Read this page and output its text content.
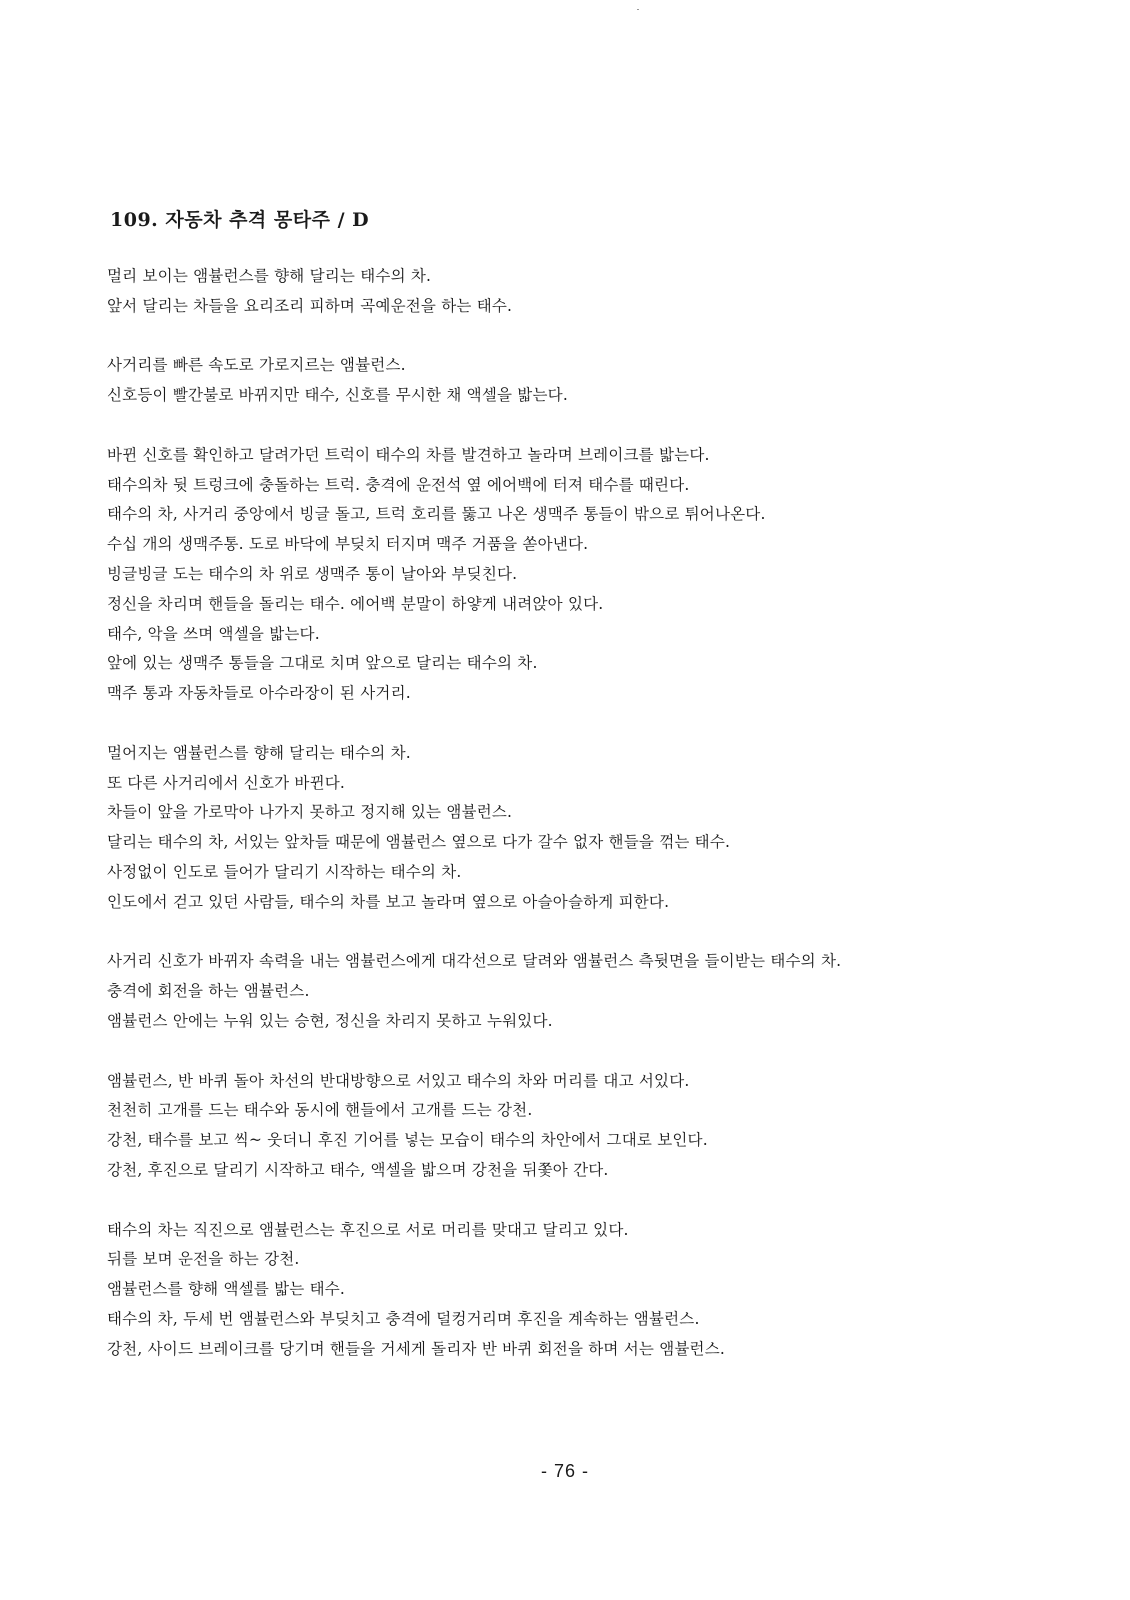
109. 자동차 추격 몽타주 / D

멀리 보이는 앰뷸런스를 향해 달리는 태수의 차.
앞서 달리는 차들을 요리조리 피하며 곡예운전을 하는 태수.

사거리를 빠른 속도로 가로지르는 앰뷸런스.
신호등이 빨간불로 바뀌지만 태수, 신호를 무시한 채 액셀을 밟는다.

바뀐 신호를 확인하고 달려가던 트럭이 태수의 차를 발견하고 놀라며 브레이크를 밟는다.
태수의차 뒷 트렁크에 충돌하는 트럭. 충격에 운전석 옆 에어백에 터져 태수를 때린다.
태수의 차, 사거리 중앙에서 빙글 돌고, 트럭 호리를 뚫고 나온 생맥주 통들이 밖으로 튀어나온다.
수십 개의 생맥주통. 도로 바닥에 부딪치 터지며 맥주 거품을 쏟아낸다.
빙글빙글 도는 태수의 차 위로 생맥주 통이 날아와 부딪친다.
정신을 차리며 핸들을 돌리는 태수. 에어백 분말이 하얗게 내려앉아 있다.
태수, 악을 쓰며 액셀을 밟는다.
앞에 있는 생맥주 통들을 그대로 치며 앞으로 달리는 태수의 차.
맥주 통과 자동차들로 아수라장이 된 사거리.

멀어지는 앰뷸런스를 향해 달리는 태수의 차.
또 다른 사거리에서 신호가 바뀐다.
차들이 앞을 가로막아 나가지 못하고 정지해 있는 앰뷸런스.
달리는 태수의 차, 서있는 앞차들 때문에 앰뷸런스 옆으로 다가 갈수 없자 핸들을 꺾는 태수.
사정없이 인도로 들어가 달리기 시작하는 태수의 차.
인도에서 걷고 있던 사람들, 태수의 차를 보고 놀라며 옆으로 아슬아슬하게 피한다.

사거리 신호가 바뀌자 속력을 내는 앰뷸런스에게 대각선으로 달려와 앰뷸런스 측뒷면을 들이받는 태수의 차.
충격에 회전을 하는 앰뷸런스.
앰뷸런스 안에는 누워 있는 승현, 정신을 차리지 못하고 누워있다.

앰뷸런스, 반 바퀴 돌아 차선의 반대방향으로 서있고 태수의 차와 머리를 대고 서있다.
천천히 고개를 드는 태수와 동시에 핸들에서 고개를 드는 강천.
강천, 태수를 보고 씩~ 웃더니 후진 기어를 넣는 모습이 태수의 차안에서 그대로 보인다.
강천, 후진으로 달리기 시작하고 태수, 액셀을 밟으며 강천을 뒤쫓아 간다.

태수의 차는 직진으로 앰뷸런스는 후진으로 서로 머리를 맞대고 달리고 있다.
뒤를 보며 운전을 하는 강천.
앰뷸런스를 향해 액셀를 밟는 태수.
태수의 차, 두세 번 앰뷸런스와 부딪치고 충격에 덜컹거리며 후진을 계속하는 앰뷸런스.
강천, 사이드 브레이크를 당기며 핸들을 거세게 돌리자 반 바퀴 회전을 하며 서는 앰뷸런스.

- 76 -
